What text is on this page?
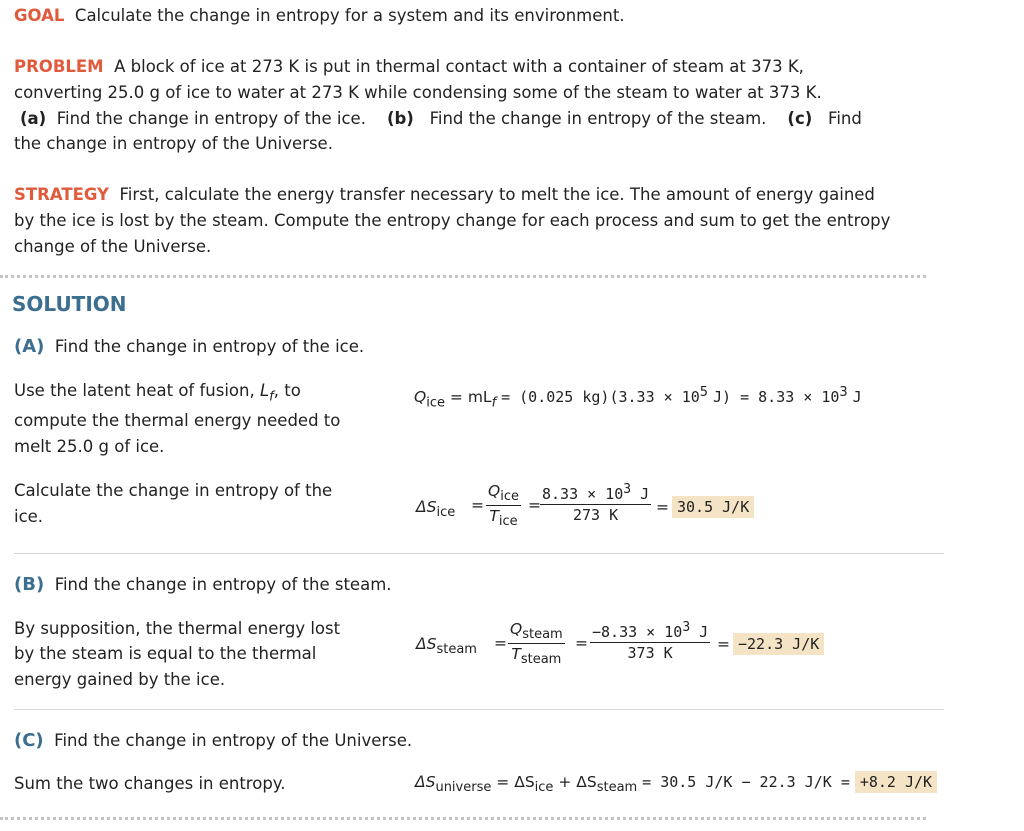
GOAL Calculate the change in entropy for a system and its environment.
PROBLEM A block of ice at 273 K is put in thermal contact with a container of steam at 373 K,
converting 25.0 g of ice to water at 273 K while condensing some of the steam to water at 373 K.
(a) Find the change in entropy of the ice. (b) Find the change in entropy of the steam. (c) Find
the change in entropy of the Universe.
STRATEGY First, calculate the energy transfer necessary to melt the ice. The amount of energy gained
by the ice is lost by the steam. Compute the entropy change for each process and sum to get the entropy
change of the Universe.
SOLUTION
(A) Find the change in entropy of the ice.
Use the latent heat of fusion, $L_f$, to
compute the thermal energy needed to
melt 25.0 g of ice.
$Q_{ice} = mL_f = (0.025$ $kg)(3.33 \times 10^5$ $J) = 8.33 \times 10^3$ J
Calculate the change in entropy of the
ice.	$\Delta S_{ice}$ =
$Q_{ice}$
$T_{ice}$
= $\frac{8.33 \times 10^3 J}{273 K} = 30.5$ J/K
(B) Find the change in entropy of the steam.
By supposition, the thermal energy lost
by the steam is equal to the thermal
energy gained by the ice.
$\Delta S_{steam}$ =
$Q_{steam}$
$T_{steam}$
= $\frac{-8.33 \times 10^3 J}{373 K} = -22.3$ J/K
(C) Find the change in entropy of the Universe.
Sum the two changes in entropy.	$\Delta S_{universe} = \Delta S_{ice} + \Delta S_{steam} = 30.5$ J/K − 22.3 J/K = +8.2 J/K
